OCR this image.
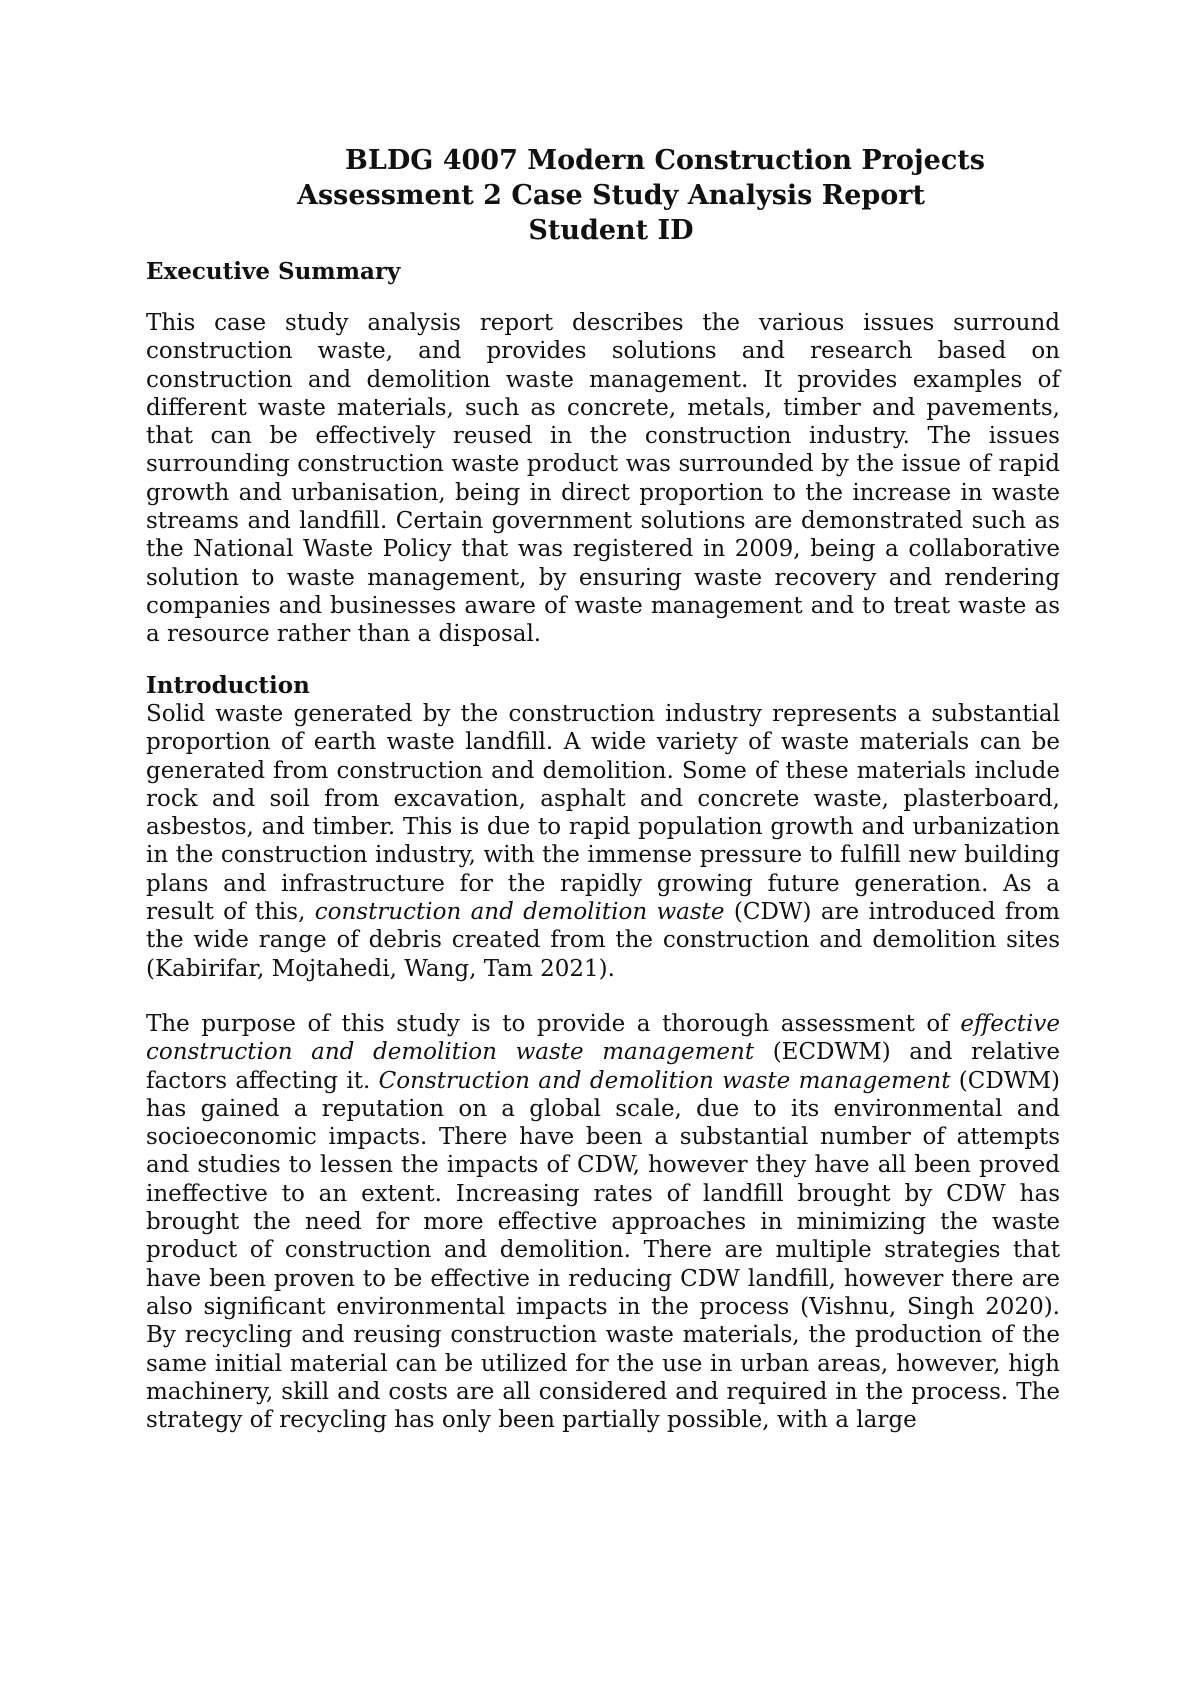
BLDG 4007 Modern Construction Projects
Assessment 2 Case Study Analysis Report
Student ID
Executive Summary
This case study analysis report describes the various issues surround construction waste, and provides solutions and research based on construction and demolition waste management. It provides examples of different waste materials, such as concrete, metals, timber and pavements, that can be effectively reused in the construction industry. The issues surrounding construction waste product was surrounded by the issue of rapid growth and urbanisation, being in direct proportion to the increase in waste streams and landfill. Certain government solutions are demonstrated such as the National Waste Policy that was registered in 2009, being a collaborative solution to waste management, by ensuring waste recovery and rendering companies and businesses aware of waste management and to treat waste as a resource rather than a disposal.
Introduction
Solid waste generated by the construction industry represents a substantial proportion of earth waste landfill. A wide variety of waste materials can be generated from construction and demolition. Some of these materials include rock and soil from excavation, asphalt and concrete waste, plasterboard, asbestos, and timber. This is due to rapid population growth and urbanization in the construction industry, with the immense pressure to fulfill new building plans and infrastructure for the rapidly growing future generation. As a result of this, construction and demolition waste (CDW) are introduced from the wide range of debris created from the construction and demolition sites (Kabirifar, Mojtahedi, Wang, Tam 2021).
The purpose of this study is to provide a thorough assessment of effective construction and demolition waste management (ECDWM) and relative factors affecting it. Construction and demolition waste management (CDWM) has gained a reputation on a global scale, due to its environmental and socioeconomic impacts. There have been a substantial number of attempts and studies to lessen the impacts of CDW, however they have all been proved ineffective to an extent. Increasing rates of landfill brought by CDW has brought the need for more effective approaches in minimizing the waste product of construction and demolition. There are multiple strategies that have been proven to be effective in reducing CDW landfill, however there are also significant environmental impacts in the process (Vishnu, Singh 2020). By recycling and reusing construction waste materials, the production of the same initial material can be utilized for the use in urban areas, however, high machinery, skill and costs are all considered and required in the process. The strategy of recycling has only been partially possible, with a large
